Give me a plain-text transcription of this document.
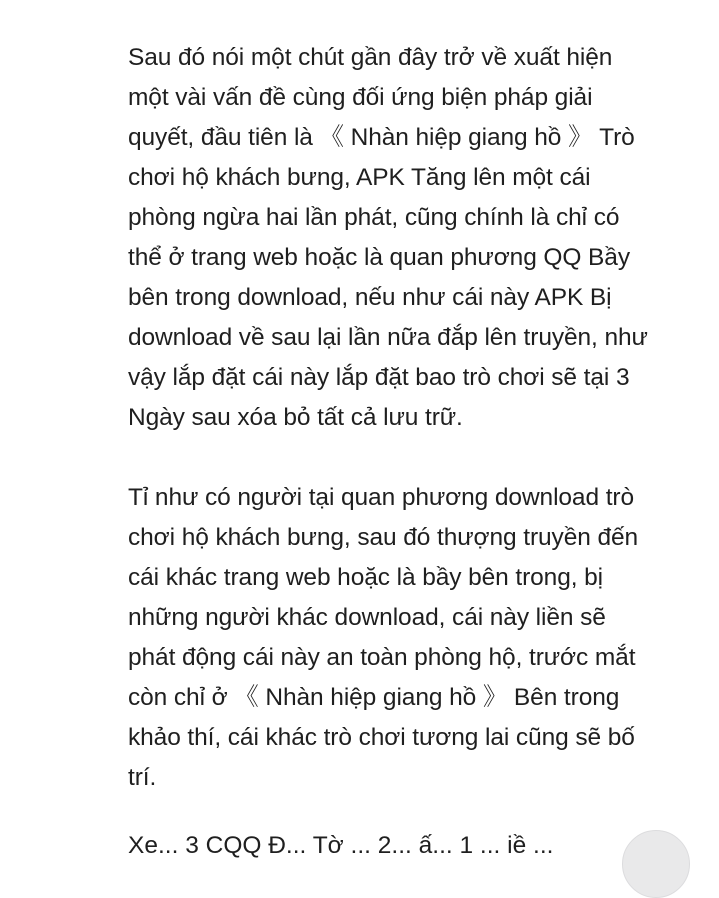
Sau đó nói một chút gần đây trở về xuất hiện
một vài vấn đề cùng đối ứng biện pháp giải
quyết, đầu tiên là 《 Nhàn hiệp giang hồ 》 Trò
chơi hộ khách bưng, APK Tăng lên một cái
phòng ngừa hai lần phát, cũng chính là chỉ có
thể ở trang web hoặc là quan phương QQ Bầy
bên trong download, nếu như cái này APK Bị
download về sau lại lần nữa đắp lên truyền, như
vậy lắp đặt cái này lắp đặt bao trò chơi sẽ tại 3
Ngày sau xóa bỏ tất cả lưu trữ.

Tỉ như có người tại quan phương download trò
chơi hộ khách bưng, sau đó thượng truyền đến
cái khác trang web hoặc là bầy bên trong, bị
những người khác download, cái này liền sẽ
phát động cái này an toàn phòng hộ, trước mắt
còn chỉ ở 《 Nhàn hiệp giang hồ 》 Bên trong
khảo thí, cái khác trò chơi tương lai cũng sẽ bố
trí.

Xe... 3 CQQ Đ... Tờ ... 2... ấ... 1 ... iề ...
